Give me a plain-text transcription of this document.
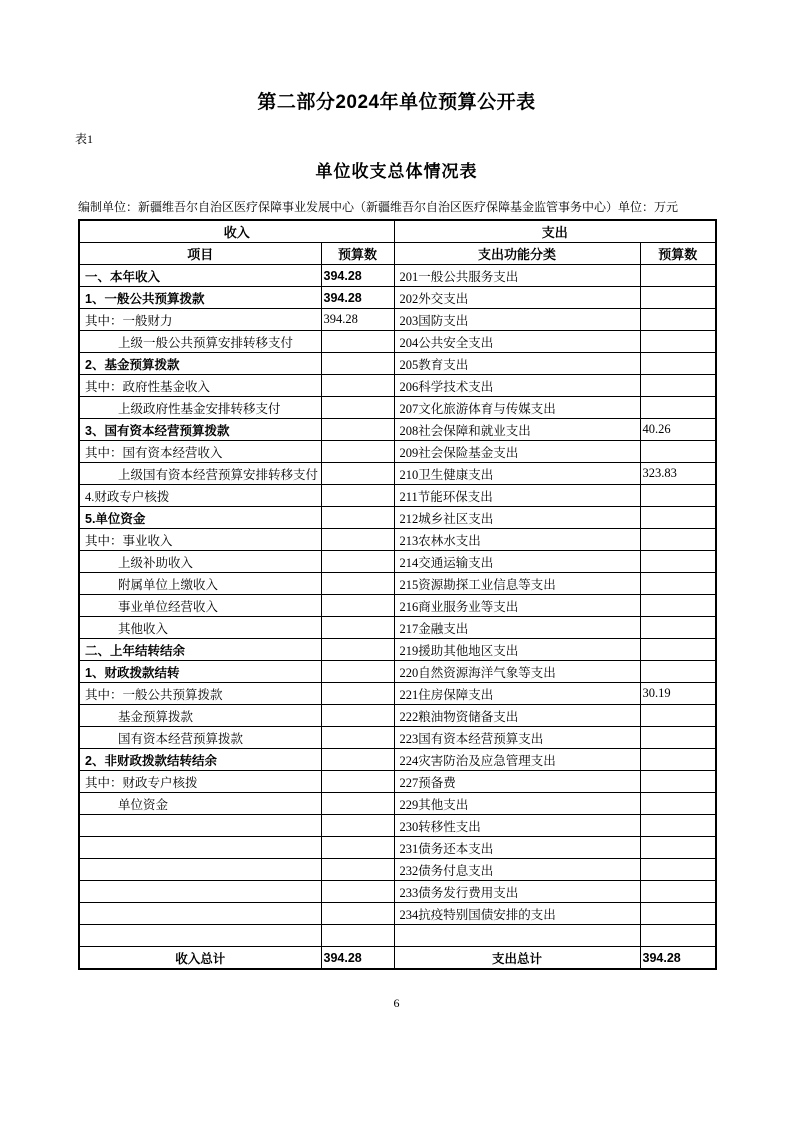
第二部分2024年单位预算公开表
表1
单位收支总体情况表
编制单位：新疆维吾尔自治区医疗保障事业发展中心（新疆维吾尔自治区医疗保障基金监管事务中心）单位：万元
收入		支出	
项目	预算数	支出功能分类	预算数
一、本年收入	394.28	201一般公共服务支出	
1、一般公共预算拨款	394.28	202外交支出	
其中：一般财力	394.28	203国防支出	
上级一般公共预算安排转移支付		204公共安全支出	
2、基金预算拨款		205教育支出	
其中：政府性基金收入		206科学技术支出	
上级政府性基金安排转移支付		207文化旅游体育与传媒支出	
3、国有资本经营预算拨款		208社会保障和就业支出	40.26
其中：国有资本经营收入		209社会保险基金支出	
上级国有资本经营预算安排转移支付		210卫生健康支出	323.83
4.财政专户核拨		211节能环保支出	
5.单位资金		212城乡社区支出	
其中：事业收入		213农林水支出	
上级补助收入		214交通运输支出	
附属单位上缴收入		215资源勘探工业信息等支出	
事业单位经营收入		216商业服务业等支出	
其他收入		217金融支出	
二、上年结转结余		219援助其他地区支出	
1、财政拨款结转		220自然资源海洋气象等支出	
其中：一般公共预算拨款		221住房保障支出	30.19
基金预算拨款		222粮油物资储备支出	
国有资本经营预算拨款		223国有资本经营预算支出	
2、非财政拨款结转结余		224灾害防治及应急管理支出	
其中：财政专户核拨		227预备费	
单位资金		229其他支出	
		230转移性支出	
		231债务还本支出	
		232债务付息支出	
		233债务发行费用支出	
		234抗疫特别国债安排的支出	

收入总计	394.28	支出总计	394.28
6
